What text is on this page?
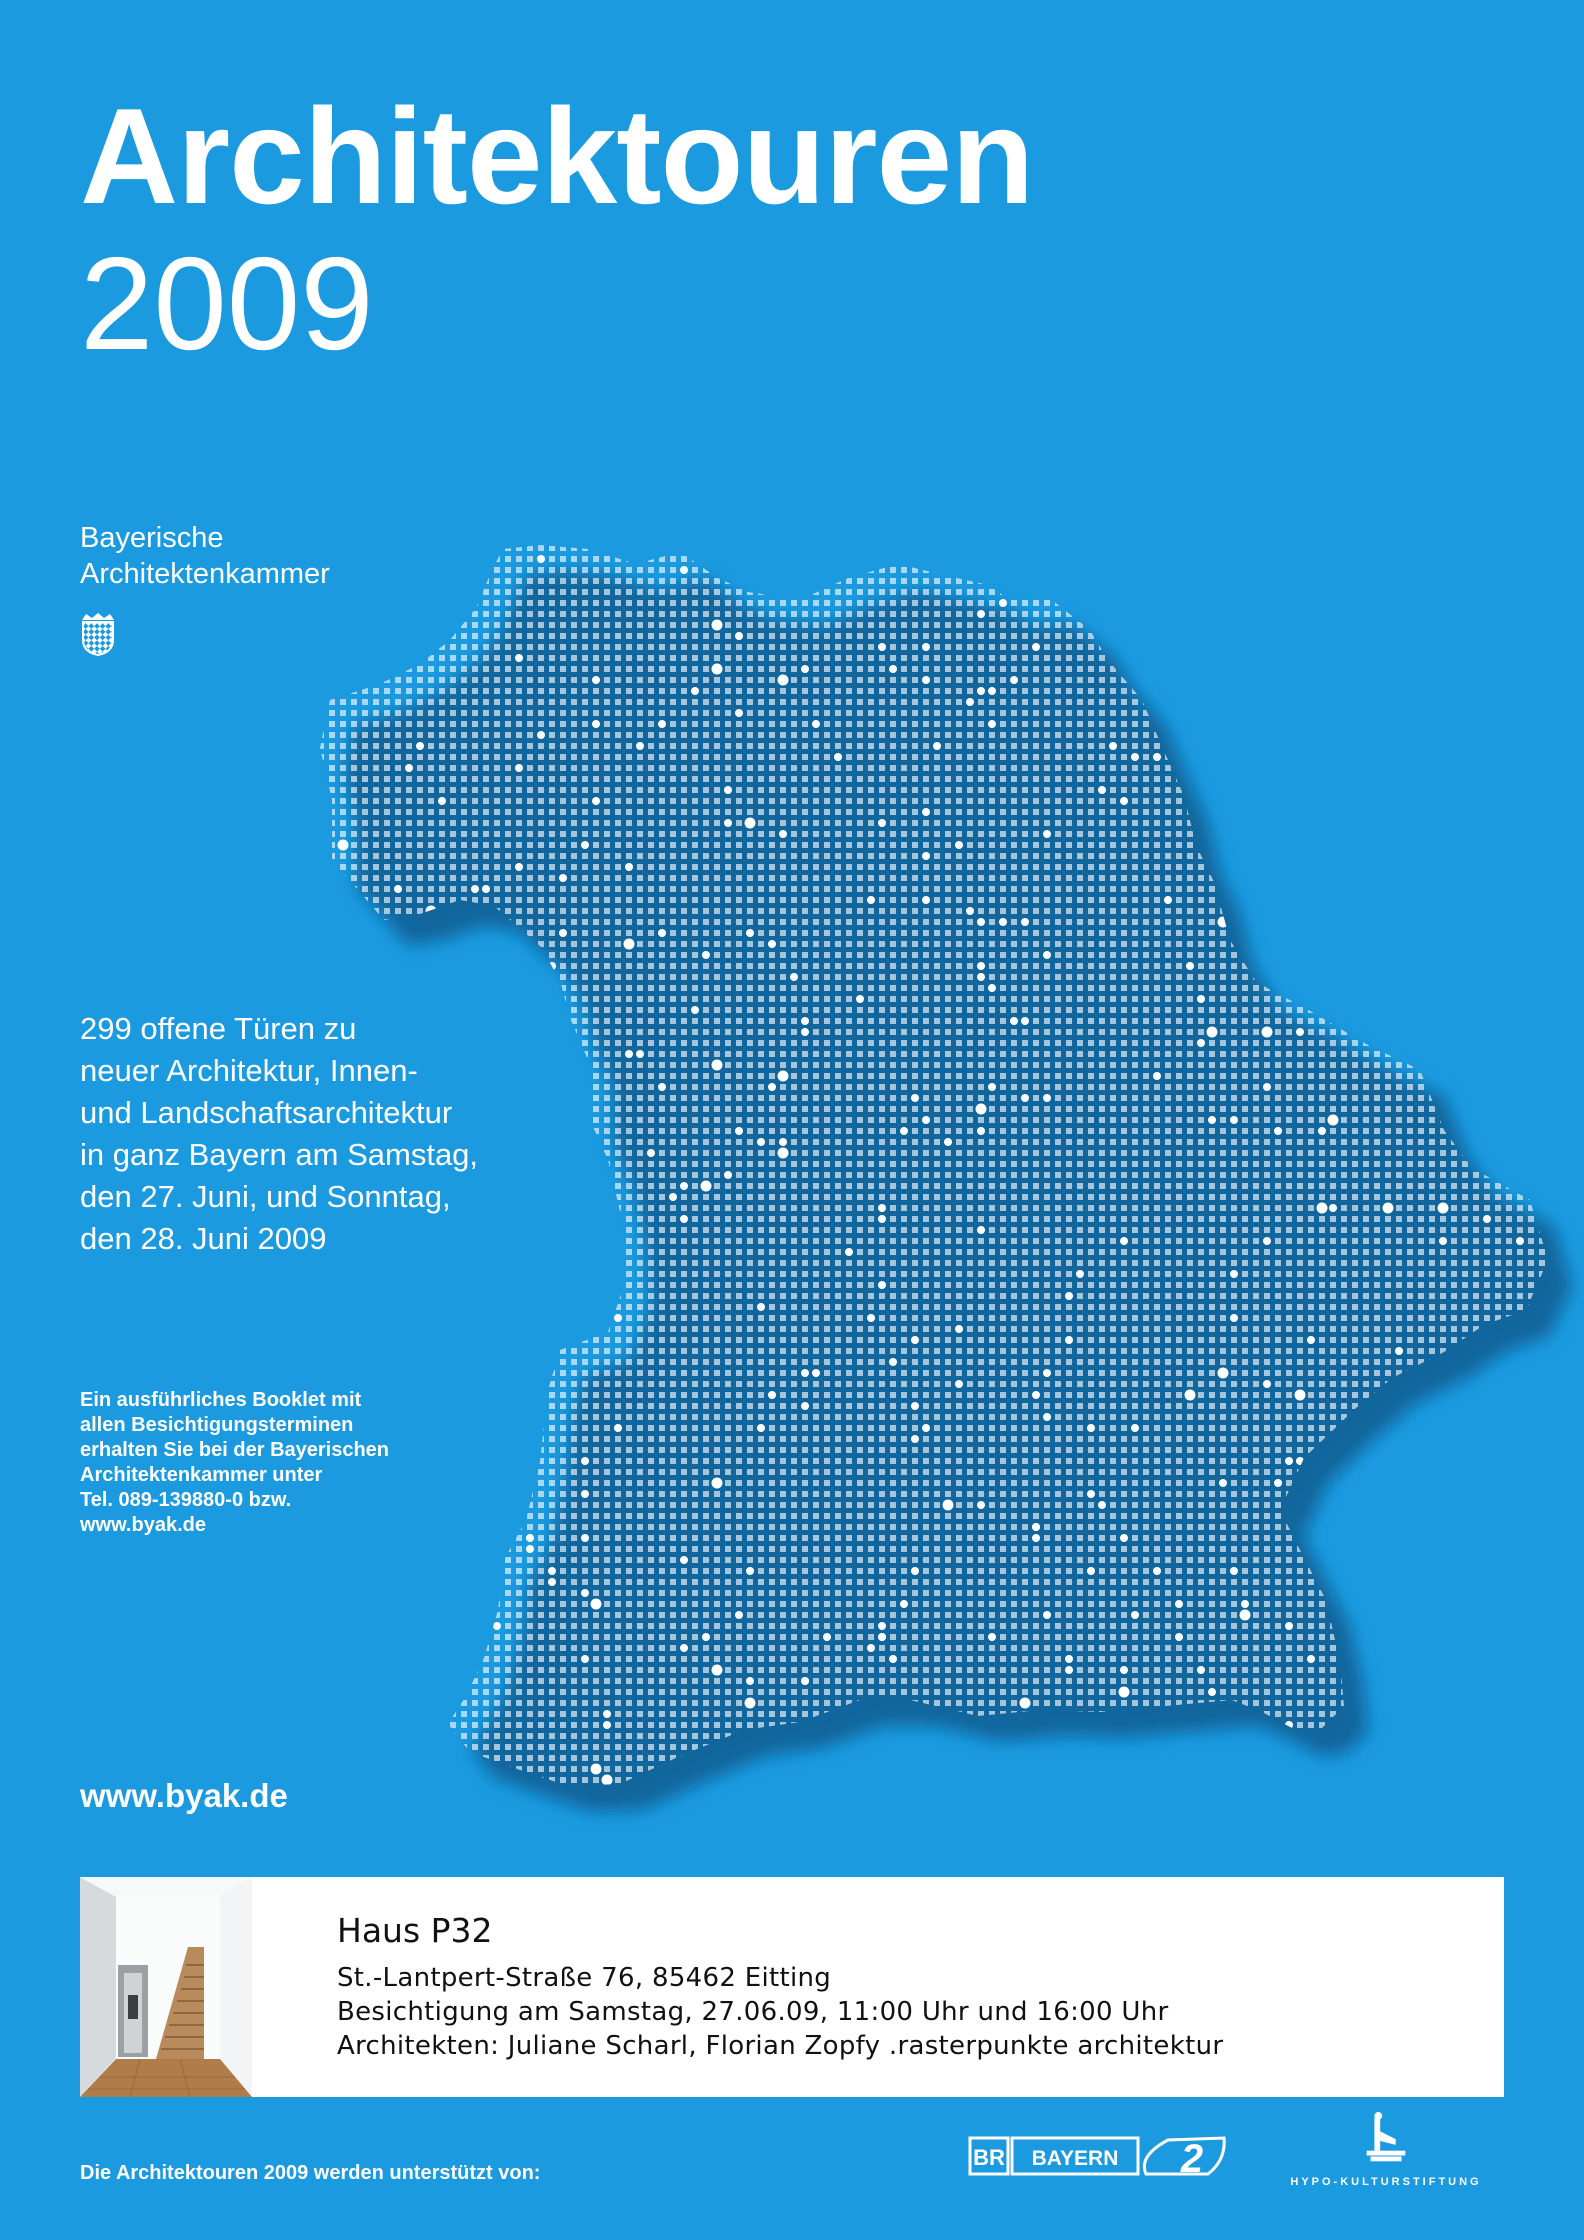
Architektouren
2009
Bayerische
Architektenkammer
299 offene Türen zu
neuer Architektur, Innen-
und Landschaftsarchitektur
in ganz Bayern am Samstag,
den 27. Juni, und Sonntag,
den 28. Juni 2009
Ein ausführliches Booklet mit
allen Besichtigungsterminen
erhalten Sie bei der Bayerischen
Architektenkammer unter
Tel. 089-139880-0 bzw.
www.byak.de
www.byak.de
Haus P32
St.-Lantpert-Straße 76, 85462 Eitting
Besichtigung am Samstag, 27.06.09, 11:00 Uhr und 16:00 Uhr
Architekten: Juliane Scharl, Florian Zopfy .rasterpunkte architektur
Die Architektouren 2009 werden unterstützt von:
BR BAYERN 2
HYPO-KULTURSTIFTUNG
